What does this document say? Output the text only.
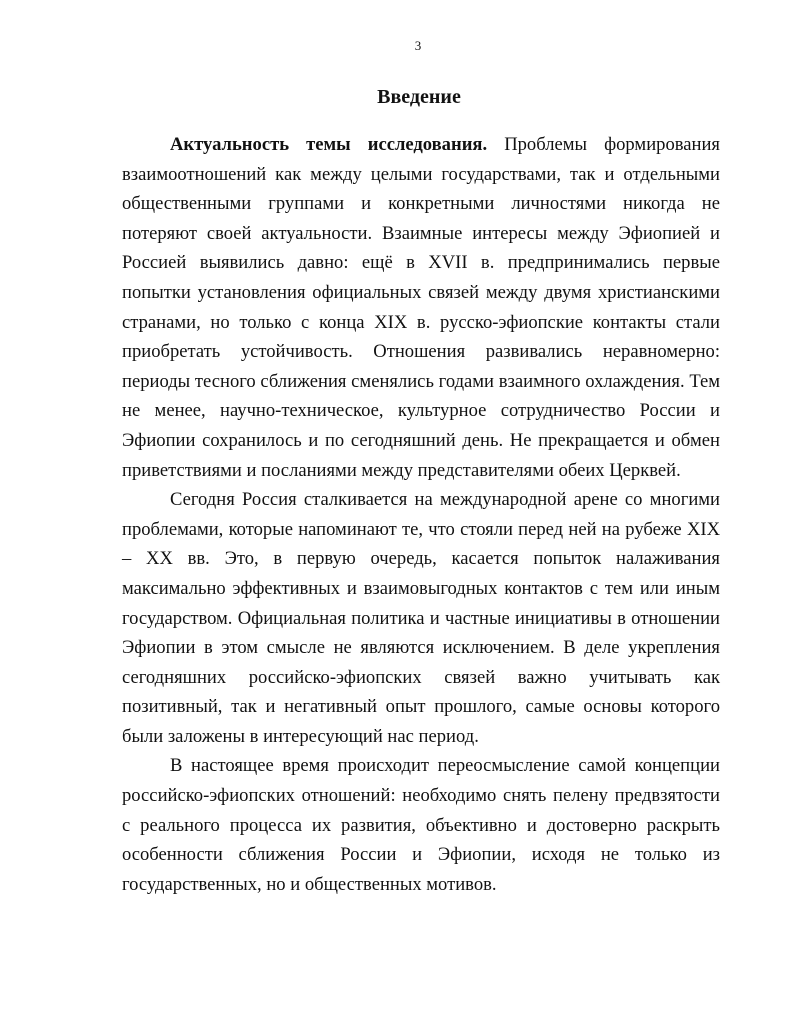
3
Введение

Актуальность темы исследования. Проблемы формирования взаимоотношений как между целыми государствами, так и отдельными общественными группами и конкретными личностями никогда не потеряют своей актуальности. Взаимные интересы между Эфиопией и Россией выявились давно: ещё в XVII в. предпринимались первые попытки установления официальных связей между двумя христианскими странами, но только с конца XIX в. русско-эфиопские контакты стали приобретать устойчивость. Отношения развивались неравномерно: периоды тесного сближения сменялись годами взаимного охлаждения. Тем не менее, научно-техническое, культурное сотрудничество России и Эфиопии сохранилось и по сегодняшний день. Не прекращается и обмен приветствиями и посланиями между представителями обеих Церквей.

Сегодня Россия сталкивается на международной арене со многими проблемами, которые напоминают те, что стояли перед ней на рубеже XIX – XX вв. Это, в первую очередь, касается попыток налаживания максимально эффективных и взаимовыгодных контактов с тем или иным государством. Официальная политика и частные инициативы в отношении Эфиопии в этом смысле не являются исключением. В деле укрепления сегодняшних российско-эфиопских связей важно учитывать как позитивный, так и негативный опыт прошлого, самые основы которого были заложены в интересующий нас период.

В настоящее время происходит переосмысление самой концепции российско-эфиопских отношений: необходимо снять пелену предвзятости с реального процесса их развития, объективно и достоверно раскрыть особенности сближения России и Эфиопии, исходя не только из государственных, но и общественных мотивов.
